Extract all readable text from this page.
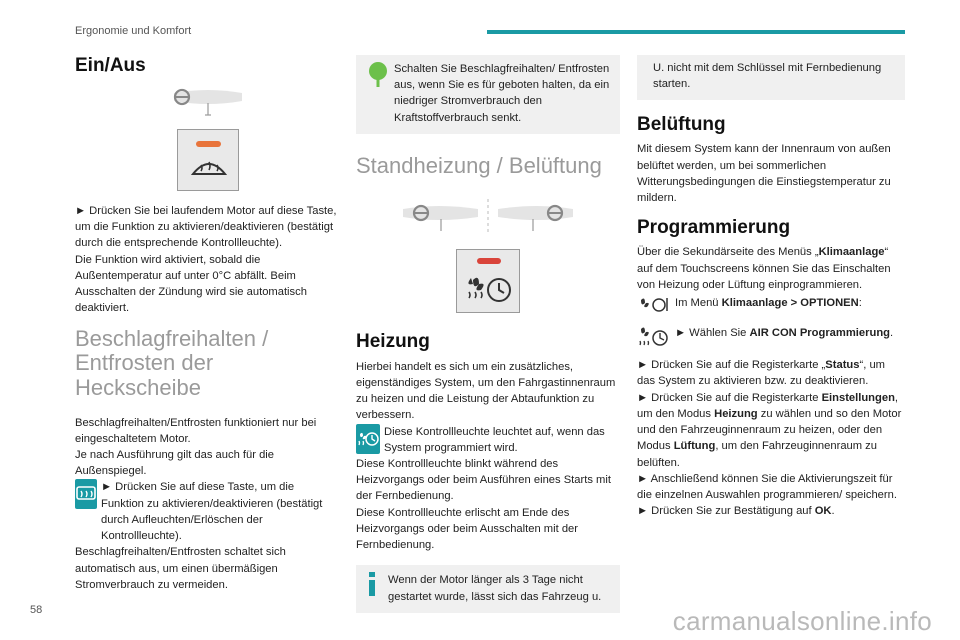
Ergonomie und Komfort
Ein/Aus

► Drücken Sie bei laufendem Motor auf diese Taste, um die Funktion zu aktivieren/deaktivieren (bestätigt durch die entsprechende Kontrollleuchte).

Die Funktion wird aktiviert, sobald die Außentemperatur auf unter 0°C abfällt. Beim Ausschalten der Zündung wird sie automatisch deaktiviert.

Beschlagfreihalten / Entfrosten der Heckscheibe

Beschlagfreihalten/Entfrosten funktioniert nur bei eingeschaltetem Motor.

Je nach Ausführung gilt das auch für die Außenspiegel.

► Drücken Sie auf diese Taste, um die Funktion zu aktivieren/deaktivieren (bestätigt durch Aufleuchten/Erlöschen der Kontrollleuchte).

Beschlagfreihalten/Entfrosten schaltet sich automatisch aus, um einen übermäßigen Stromverbrauch zu vermeiden.

Schalten Sie Beschlagfreihalten/ Entfrosten aus, wenn Sie es für geboten halten, da ein niedriger Stromverbrauch den Kraftstoffverbrauch senkt.

Standheizung / Belüftung
Heizung

Hierbei handelt es sich um ein zusätzliches, eigenständiges System, um den Fahrgastinnenraum zu heizen und die Leistung der Abtaufunktion zu verbessern.

Diese Kontrollleuchte leuchtet auf, wenn das System programmiert wird.

Diese Kontrollleuchte blinkt während des Heizvorgangs oder beim Ausführen eines Starts mit der Fernbedienung.

Diese Kontrollleuchte erlischt am Ende des Heizvorgangs oder beim Ausschalten mit der Fernbedienung.

Wenn der Motor länger als 3 Tage nicht gestartet wurde, lässt sich das Fahrzeug u.

U. nicht mit dem Schlüssel mit Fernbedienung starten.

Belüftung

Mit diesem System kann der Innenraum von außen belüftet werden, um bei sommerlichen Witterungsbedingungen die Einstiegstemperatur zu mildern.

Programmierung

Über die Sekundärseite des Menüs „Klimaanlage“ auf dem Touchscreens können Sie das Einschalten von Heizung oder Lüftung einprogrammieren.

Im Menü Klimaanlage > OPTIONEN:

► Wählen Sie AIR CON Programmierung.

► Drücken Sie auf die Registerkarte „Status“, um das System zu aktivieren bzw. zu deaktivieren.

► Drücken Sie auf die Registerkarte Einstellungen, um den Modus Heizung zu wählen und so den Motor und den Fahrzeuginnenraum zu heizen, oder den Modus Lüftung, um den Fahrzeuginnenraum zu belüften.

► Anschließend können Sie die Aktivierungszeit für die einzelnen Auswahlen programmieren/ speichern.

► Drücken Sie zur Bestätigung auf OK.

58	carmanualsonline.info
